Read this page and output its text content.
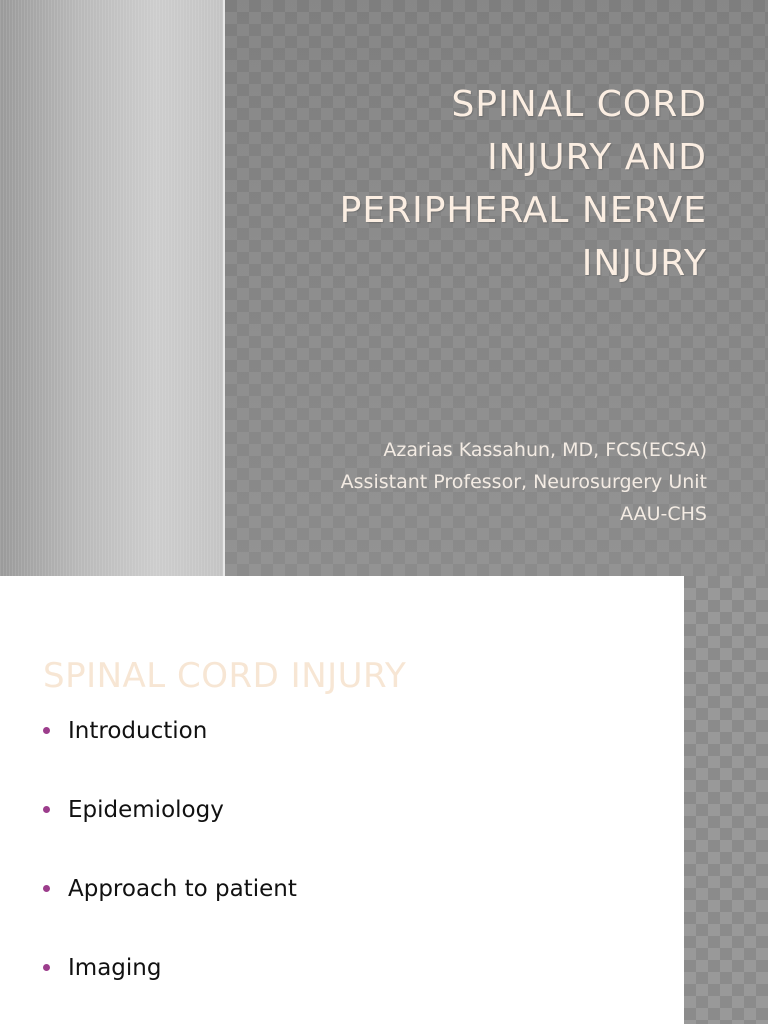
SPINAL CORD
INJURY AND
PERIPHERAL NERVE
INJURY
Azarias Kassahun, MD, FCS(ECSA)
Assistant Professor, Neurosurgery Unit
AAU-CHS
SPINAL CORD INJURY
Introduction
Epidemiology
Approach to patient
Imaging
